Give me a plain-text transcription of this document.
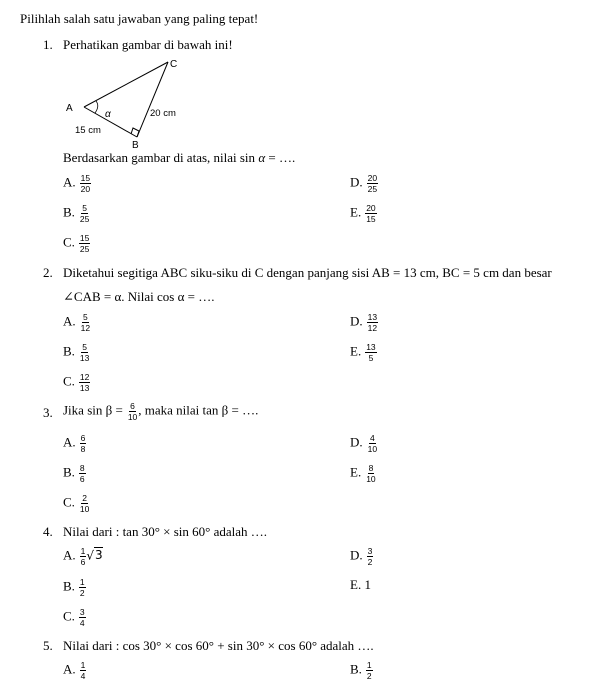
Pilihlah salah satu jawaban yang paling tepat!
1. Perhatikan gambar di bawah ini!
A
C
B
α	20 cm
15 cm
Berdasarkan gambar di atas, nilai sin α = ….
A. $\frac{15}{20}$
B. $\frac{5}{25}$
C. $\frac{15}{25}$
D. $\frac{20}{25}$
E. $\frac{20}{15}$
2. Diketahui segitiga ABC siku-siku di C dengan panjang sisi AB = 13 cm, BC = 5 cm dan besar
∠CAB = α. Nilai cos α = ….
A. $\frac{5}{12}$
B. $\frac{5}{13}$
C. $\frac{12}{13}$
D. $\frac{13}{12}$
E. $\frac{13}{5}$
3. Jika $\sin \beta = \frac{6}{10}$ , maka nilai tan β = ….
A. $\frac{6}{8}$
B. $\frac{8}{6}$
C. $\frac{2}{10}$
D. $\frac{4}{10}$
E. $\frac{8}{10}$
4. Nilai dari : tan 30° × sin 60° adalah ….
A. $\frac{1}{6} √3$
B. $\frac{1}{2}$
C. $\frac{3}{4}$
D. $\frac{3}{2}$
E. 1
5. Nilai dari : cos 30° × cos 60° + sin 30° × cos 60° adalah ….
A. $\frac{1}{4}$	B. $\frac{1}{2}$
